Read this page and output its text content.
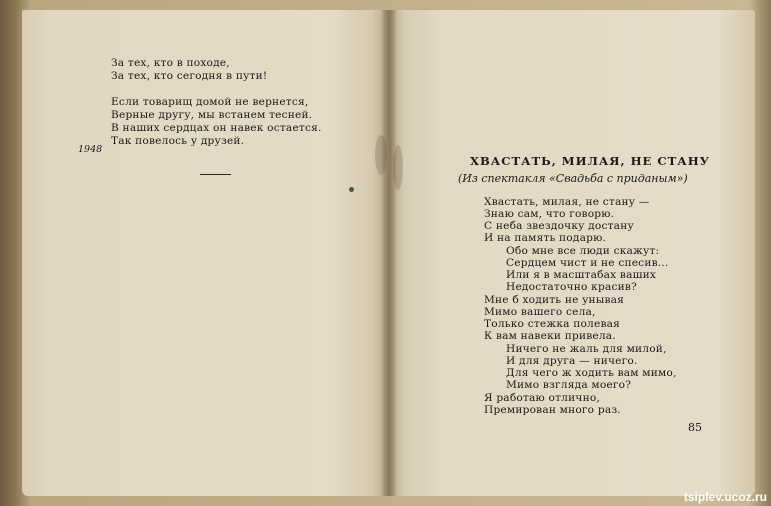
За тех, кто в походе,
За тех, кто сегодня в пути!
Если товарищ домой не вернется,
Верные другу, мы встанем тесней.
В наших сердцах он навек остается.
Так повелось у друзей.
1948
ХВАСТАТЬ, МИЛАЯ, НЕ СТАНУ
(Из спектакля «Свадьба с приданым»)
Хвастать, милая, не стану —
Знаю сам, что говорю.
С неба звездочку достану
И на память подарю.
Обо мне все люди скажут:
Сердцем чист и не спесив...
Или я в масштабах ваших
Недостаточно красив?
Мне б ходить не унывая
Мимо вашего села,
Только стежка полевая
К вам навеки привела.
Ничего не жаль для милой,
И для друга — ничего.
Для чего ж ходить вам мимо,
Мимо взгляда моего?
Я работаю отлично,
Премирован много раз.
85
tsiplev.ucoz.ru
